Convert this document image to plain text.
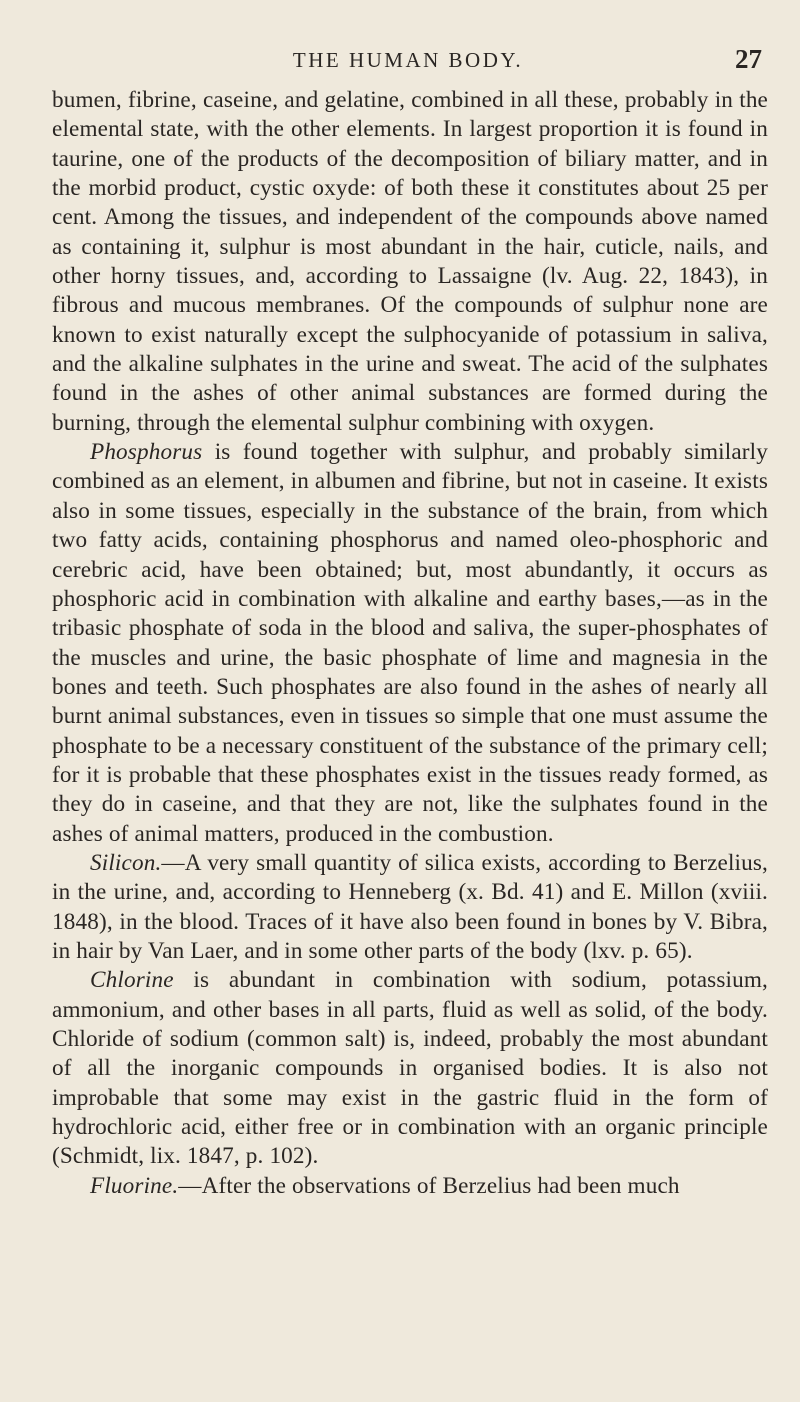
THE HUMAN BODY.	27

bumen, fibrine, caseine, and gelatine, combined in all these, probably in the elemental state, with the other elements. In largest proportion it is found in taurine, one of the products of the decomposition of biliary matter, and in the morbid product, cystic oxyde: of both these it constitutes about 25 per cent. Among the tissues, and independent of the compounds above named as containing it, sulphur is most abundant in the hair, cuticle, nails, and other horny tissues, and, according to Lassaigne (lv. Aug. 22, 1843), in fibrous and mucous membranes. Of the compounds of sulphur none are known to exist naturally except the sulphocyanide of potassium in saliva, and the alkaline sulphates in the urine and sweat. The acid of the sulphates found in the ashes of other animal substances are formed during the burning, through the elemental sulphur combining with oxygen.

Phosphorus is found together with sulphur, and probably similarly combined as an element, in albumen and fibrine, but not in caseine. It exists also in some tissues, especially in the substance of the brain, from which two fatty acids, containing phosphorus and named oleo-phosphoric and cerebric acid, have been obtained; but, most abundantly, it occurs as phosphoric acid in combination with alkaline and earthy bases,—as in the tribasic phosphate of soda in the blood and saliva, the super-phosphates of the muscles and urine, the basic phosphate of lime and magnesia in the bones and teeth. Such phosphates are also found in the ashes of nearly all burnt animal substances, even in tissues so simple that one must assume the phosphate to be a necessary constituent of the substance of the primary cell; for it is probable that these phosphates exist in the tissues ready formed, as they do in caseine, and that they are not, like the sulphates found in the ashes of animal matters, produced in the combustion.

Silicon.—A very small quantity of silica exists, according to Berzelius, in the urine, and, according to Henneberg (x. Bd. 41) and E. Millon (xviii. 1848), in the blood. Traces of it have also been found in bones by V. Bibra, in hair by Van Laer, and in some other parts of the body (lxv. p. 65).

Chlorine is abundant in combination with sodium, potassium, ammonium, and other bases in all parts, fluid as well as solid, of the body. Chloride of sodium (common salt) is, indeed, probably the most abundant of all the inorganic compounds in organised bodies. It is also not improbable that some may exist in the gastric fluid in the form of hydrochloric acid, either free or in combination with an organic principle (Schmidt, lix. 1847, p. 102).

Fluorine.—After the observations of Berzelius had been much
